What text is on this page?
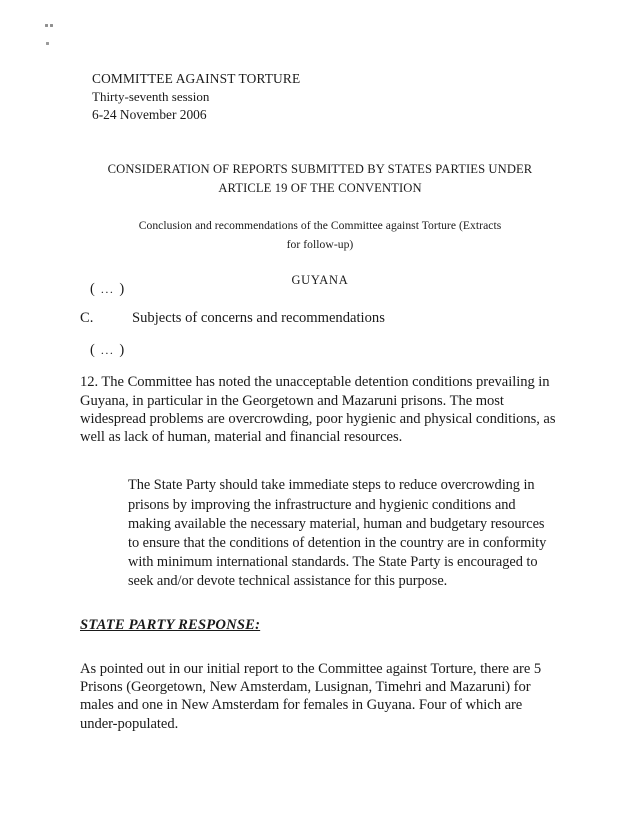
COMMITTEE AGAINST TORTURE
Thirty-seventh session
6-24 November 2006
CONSIDERATION OF REPORTS SUBMITTED BY STATES PARTIES UNDER
ARTICLE 19 OF THE CONVENTION
Conclusion and recommendations of the Committee against Torture (Extracts
for follow-up)
GUYANA
( ... )
C.	Subjects of concerns and recommendations
( ... )
12. The Committee has noted the unacceptable detention conditions prevailing in Guyana, in particular in the Georgetown and Mazaruni prisons. The most widespread problems are overcrowding, poor hygienic and physical conditions, as well as lack of human, material and financial resources.
The State Party should take immediate steps to reduce overcrowding in prisons by improving the infrastructure and hygienic conditions and making available the necessary material, human and budgetary resources to ensure that the conditions of detention in the country are in conformity with minimum international standards. The State Party is encouraged to seek and/or devote technical assistance for this purpose.
STATE PARTY RESPONSE:
As pointed out in our initial report to the Committee against Torture, there are 5 Prisons (Georgetown, New Amsterdam, Lusignan, Timehri and Mazaruni) for males and one in New Amsterdam for females in Guyana. Four of which are under-populated.
